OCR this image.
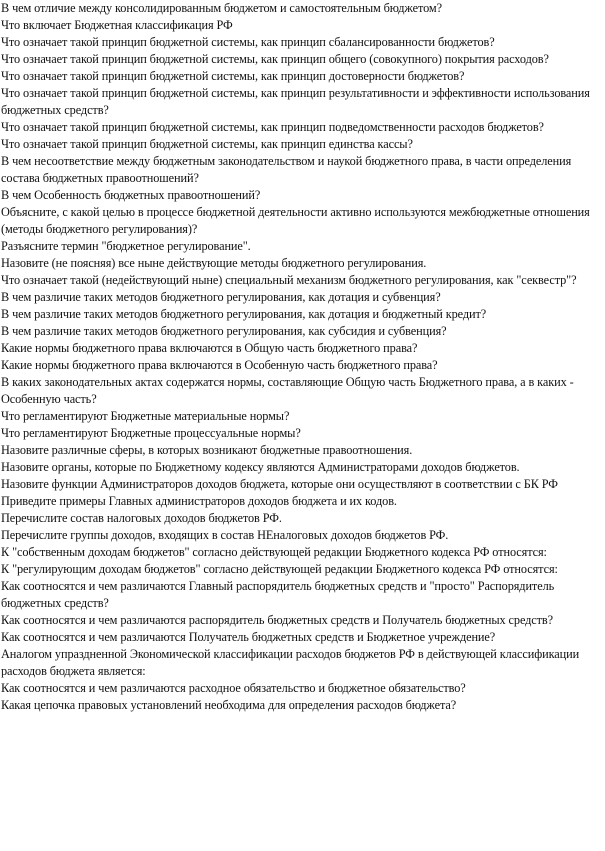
В чем отличие между консолидированным бюджетом и самостоятельным бюджетом?

Что включает Бюджетная классификация РФ

Что означает такой принцип бюджетной системы, как принцип сбалансированности бюджетов?

Что означает такой принцип бюджетной системы, как принцип общего (совокупного) покрытия расходов?

Что означает такой принцип бюджетной системы, как принцип достоверности бюджетов?

Что означает такой принцип бюджетной системы, как принцип результативности и эффективности использования бюджетных средств?

Что означает такой принцип бюджетной системы, как принцип подведомственности расходов бюджетов?

Что означает такой принцип бюджетной системы, как принцип единства кассы?

В чем несоответствие между бюджетным законодательством и наукой бюджетного права, в части определения состава бюджетных правоотношений?

В чем Особенность бюджетных правоотношений?

Объясните, с какой целью в процессе бюджетной деятельности активно используются межбюджетные отношения (методы бюджетного регулирования)?

Разъясните термин "бюджетное регулирование".

Назовите (не поясняя) все ныне действующие методы бюджетного регулирования.

Что означает такой (недействующий ныне) специальный механизм бюджетного регулирования, как "секвестр"?

В чем различие таких методов бюджетного регулирования, как дотация и субвенция?

В чем различие таких методов бюджетного регулирования, как дотация и бюджетный кредит?

В чем различие таких методов бюджетного регулирования, как субсидия и субвенция?

Какие нормы бюджетного права включаются в Общую часть бюджетного права?

Какие нормы бюджетного права включаются в Особенную часть бюджетного права?

В каких законодательных актах содержатся нормы, составляющие Общую часть Бюджетного права, а в каких - Особенную часть?

Что регламентируют Бюджетные материальные нормы?

Что регламентируют Бюджетные процессуальные нормы?

Назовите различные сферы, в которых возникают бюджетные правоотношения.

Назовите органы, которые по Бюджетному кодексу являются Администраторами доходов бюджетов.

Назовите функции Администраторов доходов бюджета, которые они осуществляют в соответствии с БК РФ

Приведите примеры Главных администраторов доходов бюджета и их кодов.

Перечислите состав налоговых доходов бюджетов РФ.

Перечислите группы доходов, входящих в состав НЕналоговых доходов бюджетов РФ.

К "собственным доходам бюджетов" согласно действующей редакции Бюджетного кодекса РФ относятся:

К "регулирующим доходам бюджетов" согласно действующей редакции Бюджетного кодекса РФ относятся:

Как соотносятся и чем различаются Главный распорядитель бюджетных средств и "просто" Распорядитель бюджетных средств?

Как соотносятся и чем различаются распорядитель бюджетных средств и Получатель бюджетных средств?

Как соотносятся и чем различаются Получатель бюджетных средств и Бюджетное учреждение?

Аналогом упраздненной Экономической классификации расходов бюджетов РФ в действующей классификации расходов бюджета является:

Как соотносятся и чем различаются расходное обязательство и бюджетное обязательство?

Какая цепочка правовых установлений необходима для определения расходов бюджета?
